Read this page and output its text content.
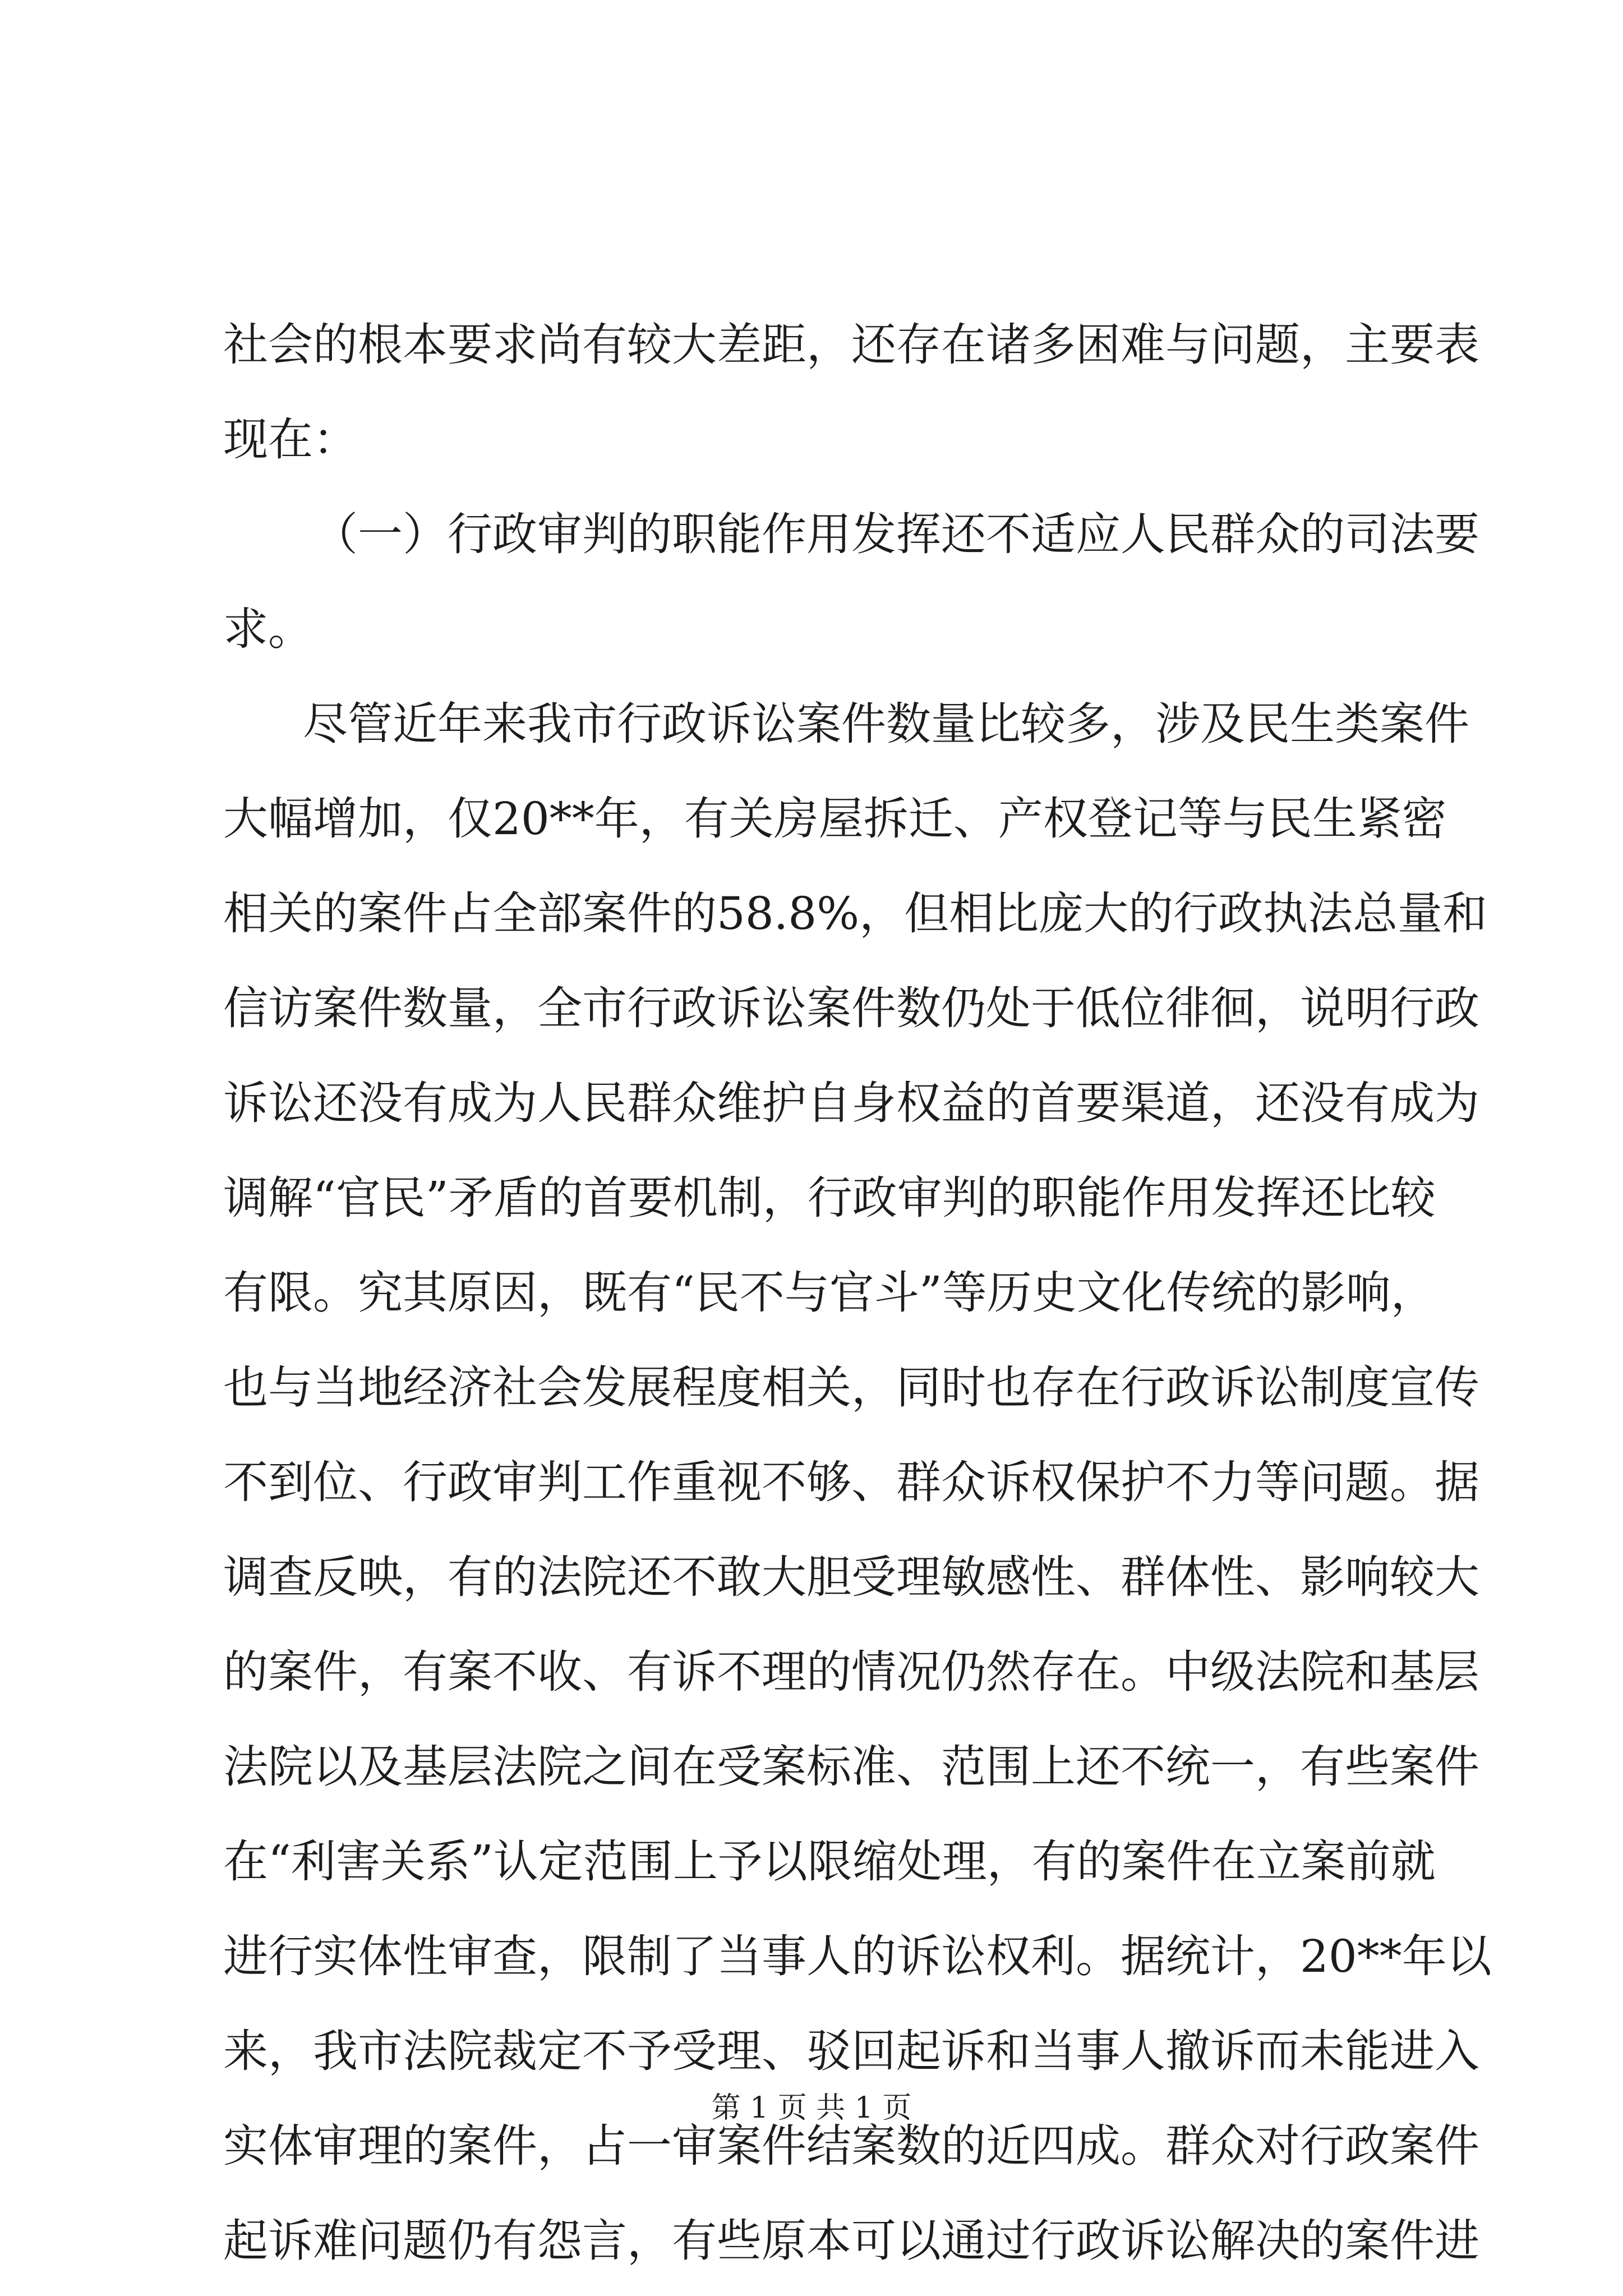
社会的根本要求尚有较大差距，还存在诸多困难与问题，主要表
现在：
（一）行政审判的职能作用发挥还不适应人民群众的司法要
求。
尽管近年来我市行政诉讼案件数量比较多，涉及民生类案件
大幅增加，仅20**年，有关房屋拆迁、产权登记等与民生紧密
相关的案件占全部案件的58.8%，但相比庞大的行政执法总量和
信访案件数量，全市行政诉讼案件数仍处于低位徘徊，说明行政
诉讼还没有成为人民群众维护自身权益的首要渠道，还没有成为
调解“官民”矛盾的首要机制，行政审判的职能作用发挥还比较
有限。究其原因，既有“民不与官斗”等历史文化传统的影响，
也与当地经济社会发展程度相关，同时也存在行政诉讼制度宣传
不到位、行政审判工作重视不够、群众诉权保护不力等问题。据
调查反映，有的法院还不敢大胆受理敏感性、群体性、影响较大
的案件，有案不收、有诉不理的情况仍然存在。中级法院和基层
法院以及基层法院之间在受案标准、范围上还不统一，有些案件
在“利害关系”认定范围上予以限缩处理，有的案件在立案前就
进行实体性审查，限制了当事人的诉讼权利。据统计，20**年以
来，我市法院裁定不予受理、驳回起诉和当事人撤诉而未能进入
实体审理的案件，占一审案件结案数的近四成。群众对行政案件
起诉难问题仍有怨言，有些原本可以通过行政诉讼解决的案件进
第 1 页 共 1 页
